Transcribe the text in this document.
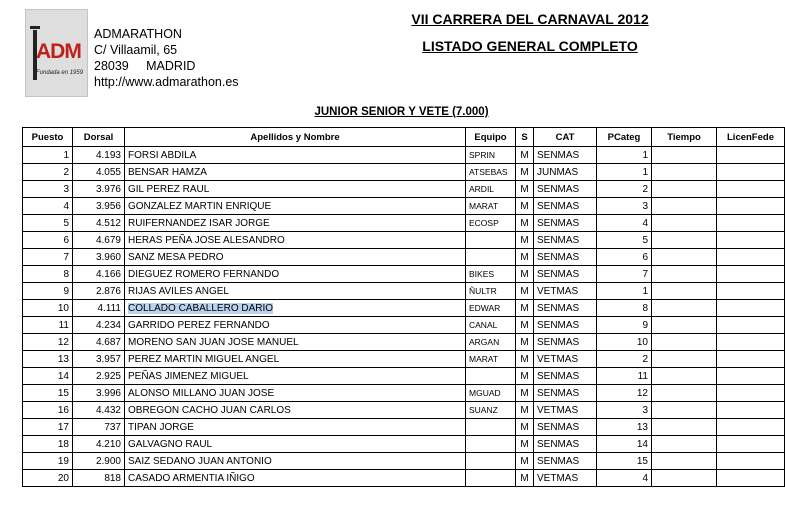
ADM
Fundada en 1959
ADMARATHON
C/ Villaamil, 65
28039 MADRID
http://www.admarathon.es
VII CARRERA DEL CARNAVAL 2012
LISTADO GENERAL COMPLETO
JUNIOR SENIOR Y VETE (7.000)
Puesto	Dorsal	Apellidos y Nombre	Equipo	S	CAT	PCateg	Tiempo	LicenFede
1	4.193	FORSI ABDILA	SPRIN	M	SENMAS	1		
2	4.055	BENSAR HAMZA	ATSEBAS	M	JUNMAS	1		
3	3.976	GIL PEREZ RAUL	ARDIL	M	SENMAS	2		
4	3.956	GONZALEZ MARTIN ENRIQUE	MARAT	M	SENMAS	3		
5	4.512	RUIFERNANDEZ ISAR JORGE	ECOSP	M	SENMAS	4		
6	4.679	HERAS PEÑA JOSE ALESANDRO		M	SENMAS	5		
7	3.960	SANZ MESA PEDRO		M	SENMAS	6		
8	4.166	DIEGUEZ ROMERO FERNANDO	BIKES	M	SENMAS	7		
9	2.876	RIJAS AVILES ANGEL	ÑULTR	M	VETMAS	1		
10	4.111	COLLADO CABALLERO DARIO	EDWAR	M	SENMAS	8		
11	4.234	GARRIDO PEREZ FERNANDO	CANAL	M	SENMAS	9		
12	4.687	MORENO SAN JUAN JOSE MANUEL	ARGAN	M	SENMAS	10		
13	3.957	PEREZ MARTIN MIGUEL ANGEL	MARAT	M	VETMAS	2		
14	2.925	PEÑAS JIMENEZ MIGUEL		M	SENMAS	11		
15	3.996	ALONSO MILLANO JUAN JOSE	MGUAD	M	SENMAS	12		
16	4.432	OBREGON CACHO JUAN CARLOS	SUANZ	M	VETMAS	3		
17	737	TIPAN JORGE		M	SENMAS	13		
18	4.210	GALVAGNO RAUL		M	SENMAS	14		
19	2.900	SAIZ SEDANO JUAN ANTONIO		M	SENMAS	15		
20	818	CASADO ARMENTIA IÑIGO		M	VETMAS	4		
